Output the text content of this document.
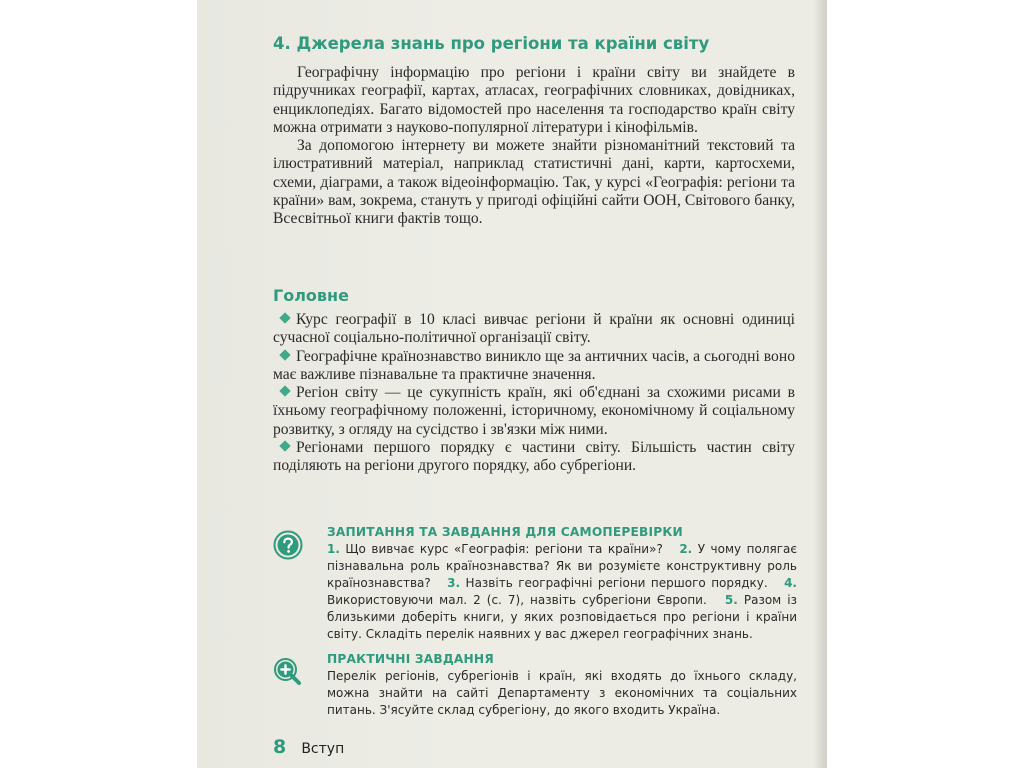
4. Джерела знань про регіони та країни світу

Географічну інформацію про регіони і країни світу ви знайдете в підручниках географії, картах, атласах, географічних словниках, довідниках, енциклопедіях. Багато відомостей про населення та господарство країн світу можна отримати з науково-популярної літератури і кінофільмів.

За допомогою інтернету ви можете знайти різноманітний текстовий та ілюстративний матеріал, наприклад статистичні дані, карти, картосхеми, схеми, діаграми, а також відеоінформацію. Так, у курсі «Географія: регіони та країни» вам, зокрема, стануть у пригоді офіційні сайти ООН, Світового банку, Всесвітньої книги фактів тощо.

Головне

Курс географії в 10 класі вивчає регіони й країни як основні одиниці сучасної соціально-політичної організації світу.

Географічне країнознавство виникло ще за античних часів, а сьогодні воно має важливе пізнавальне та практичне значення.

Регіон світу — це сукупність країн, які об'єднані за схожими рисами в їхньому географічному положенні, історичному, економічному й соціальному розвитку, з огляду на сусідство і зв'язки між ними.

Регіонами першого порядку є частини світу. Більшість частин світу поділяють на регіони другого порядку, або субрегіони.

ЗАПИТАННЯ ТА ЗАВДАННЯ ДЛЯ САМОПЕРЕВІРКИ
1. Що вивчає курс «Географія: регіони та країни»? 2. У чому полягає пізнавальна роль країнознавства? Як ви розумієте конструктивну роль країнознавства? 3. Назвіть географічні регіони першого порядку. 4. Використовуючи мал. 2 (с. 7), назвіть субрегіони Європи. 5. Разом із близькими доберіть книги, у яких розповідається про регіони і країни світу. Складіть перелік наявних у вас джерел географічних знань.
ПРАКТИЧНІ ЗАВДАННЯ
Перелік регіонів, субрегіонів і країн, які входять до їхнього складу, можна знайти на сайті Департаменту з економічних та соціальних питань. З'ясуйте склад субрегіону, до якого входить Україна.
8 Вступ
